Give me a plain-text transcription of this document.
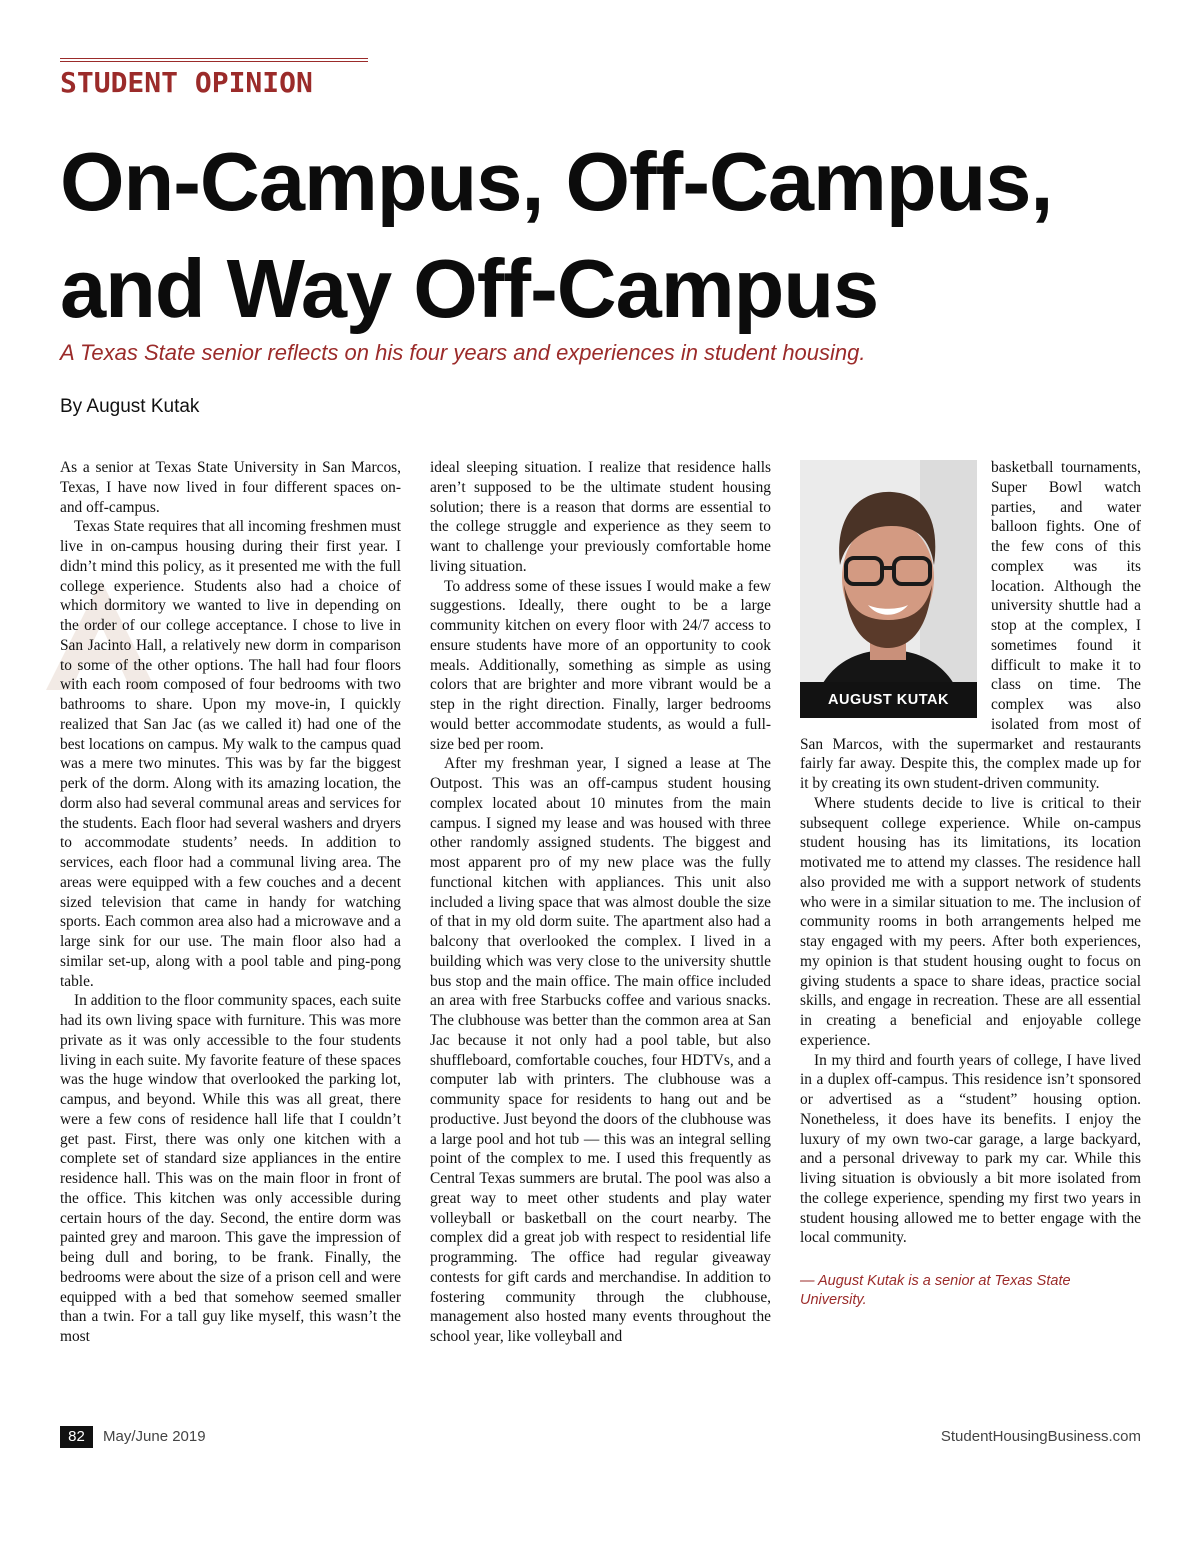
STUDENT OPINION
On-Campus, Off-Campus,
and Way Off-Campus

A Texas State senior reflects on his four years and experiences in student housing.

By August Kutak

As a senior at Texas State University in San Marcos, Texas, I have now lived in four different spaces on- and off-campus.

Texas State requires that all incoming freshmen must live in on-campus housing during their first year. I didn’t mind this policy, as it presented me with the full college experience. Students also had a choice of which dormitory we wanted to live in depending on the order of our college acceptance. I chose to live in San Jacinto Hall, a relatively new dorm in comparison to some of the other options. The hall had four floors with each room composed of four bedrooms with two bathrooms to share. Upon my move-in, I quickly realized that San Jac (as we called it) had one of the best locations on campus. My walk to the campus quad was a mere two minutes. This was by far the biggest perk of the dorm. Along with its amazing location, the dorm also had several communal areas and services for the students. Each floor had several washers and dryers to accommodate students’ needs. In addition to services, each floor had a communal living area. The areas were equipped with a few couches and a decent sized television that came in handy for watching sports. Each common area also had a microwave and a large sink for our use. The main floor also had a similar set-up, along with a pool table and ping-pong table.

In addition to the floor community spaces, each suite had its own living space with furniture. This was more private as it was only accessible to the four students living in each suite. My favorite feature of these spaces was the huge window that overlooked the parking lot, campus, and beyond. While this was all great, there were a few cons of residence hall life that I couldn’t get past. First, there was only one kitchen with a complete set of standard size appliances in the entire residence hall. This was on the main floor in front of the office. This kitchen was only accessible during certain hours of the day. Second, the entire dorm was painted grey and maroon. This gave the impression of being dull and boring, to be frank. Finally, the bedrooms were about the size of a prison cell and were equipped with a bed that somehow seemed smaller than a twin. For a tall guy like myself, this wasn’t the most

ideal sleeping situation. I realize that residence halls aren’t supposed to be the ultimate student housing solution; there is a reason that dorms are essential to the college struggle and experience as they seem to want to challenge your previously comfortable home living situation.

To address some of these issues I would make a few suggestions. Ideally, there ought to be a large community kitchen on every floor with 24/7 access to ensure students have more of an opportunity to cook meals. Additionally, something as simple as using colors that are brighter and more vibrant would be a step in the right direction. Finally, larger bedrooms would better accommodate students, as would a full-size bed per room.

After my freshman year, I signed a lease at The Outpost. This was an off-campus student housing complex located about 10 minutes from the main campus. I signed my lease and was housed with three other randomly assigned students. The biggest and most apparent pro of my new place was the fully functional kitchen with appliances. This unit also included a living space that was almost double the size of that in my old dorm suite. The apartment also had a balcony that overlooked the complex. I lived in a building which was very close to the university shuttle bus stop and the main office. The main office included an area with free Starbucks coffee and various snacks. The clubhouse was better than the common area at San Jac because it not only had a pool table, but also shuffleboard, comfortable couches, four HDTVs, and a computer lab with printers. The clubhouse was a community space for residents to hang out and be productive. Just beyond the doors of the clubhouse was a large pool and hot tub — this was an integral selling point of the complex to me. I used this frequently as Central Texas summers are brutal. The pool was also a great way to meet other students and play water volleyball or basketball on the court nearby. The complex did a great job with respect to residential life programming. The office had regular giveaway contests for gift cards and merchandise. In addition to fostering community through the clubhouse, management also hosted many events throughout the school year, like volleyball and

AUGUST KUTAK

basketball tournaments, Super Bowl watch parties, and water balloon fights. One of the few cons of this complex was its location. Although the university shuttle had a stop at the complex, I sometimes found it difficult to make it to class on time. The complex was also isolated from most of San Marcos, with the supermarket and restaurants fairly far away. Despite this, the complex made up for it by creating its own student-driven community.

Where students decide to live is critical to their subsequent college experience. While on-campus student housing has its limitations, its location motivated me to attend my classes. The residence hall also provided me with a support network of students who were in a similar situation to me. The inclusion of community rooms in both arrangements helped me stay engaged with my peers. After both experiences, my opinion is that student housing ought to focus on giving students a space to share ideas, practice social skills, and engage in recreation. These are all essential in creating a beneficial and enjoyable college experience.

In my third and fourth years of college, I have lived in a duplex off-campus. This residence isn’t sponsored or advertised as a “student” housing option. Nonetheless, it does have its benefits. I enjoy the luxury of my own two-car garage, a large backyard, and a personal driveway to park my car. While this living situation is obviously a bit more isolated from the college experience, spending my first two years in student housing allowed me to better engage with the local community.

— August Kutak is a senior at Texas State University.

82	May/June 2019	StudentHousingBusiness.com
